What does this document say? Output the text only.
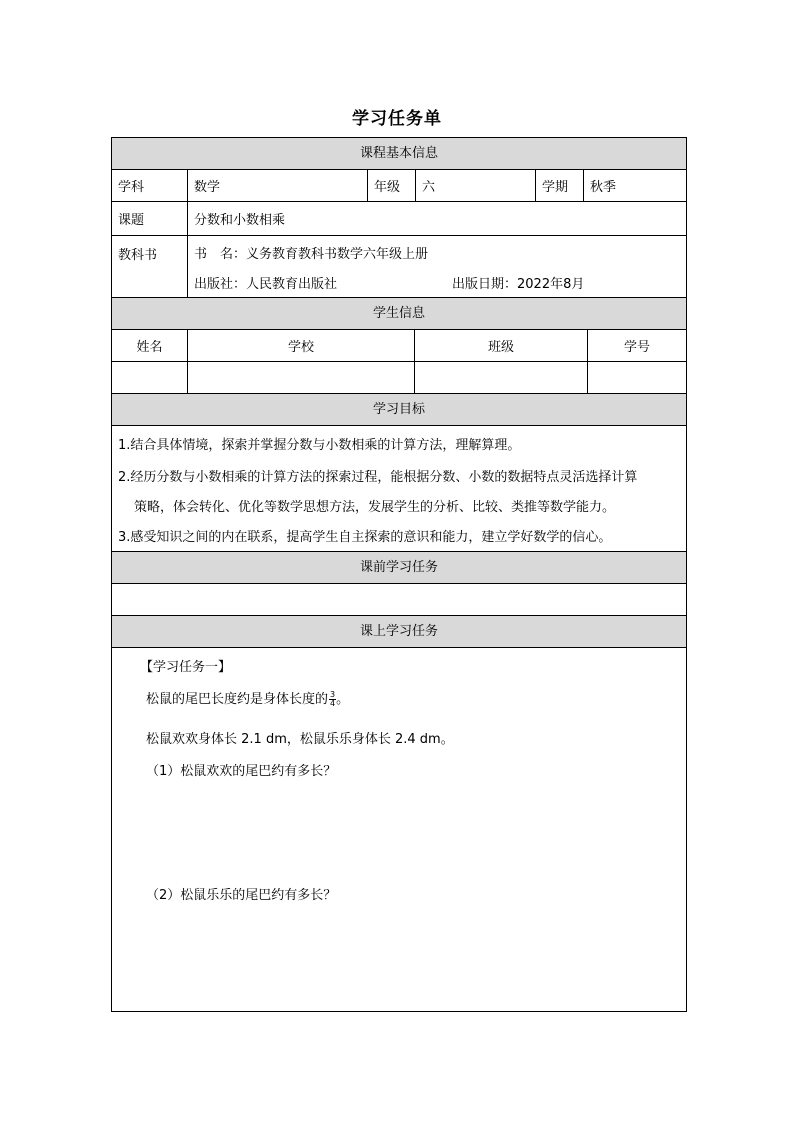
学习任务单
课程基本信息
学科	数学	年级	六	学期	秋季
课题	分数和小数相乘
教科书	书　名：义务教育教科书数学六年级上册
出版社：人民教育出版社	出版日期：2022年8月
学生信息
姓名	学校	班级	学号
学习目标
1.结合具体情境，探索并掌握分数与小数相乘的计算方法，理解算理。
2.经历分数与小数相乘的计算方法的探索过程，能根据分数、小数的数据特点灵活选择计算
策略，体会转化、优化等数学思想方法，发展学生的分析、比较、类推等数学能力。
3.感受知识之间的内在联系，提高学生自主探索的意识和能力，建立学好数学的信心。
课前学习任务
课上学习任务
【学习任务一】
松鼠的尾巴长度约是身体长度的 $\frac{3}{4}$ 。
松鼠欢欢身体长 2.1 dm，松鼠乐乐身体长 2.4 dm。
（1）松鼠欢欢的尾巴约有多长？
（2）松鼠乐乐的尾巴约有多长？
